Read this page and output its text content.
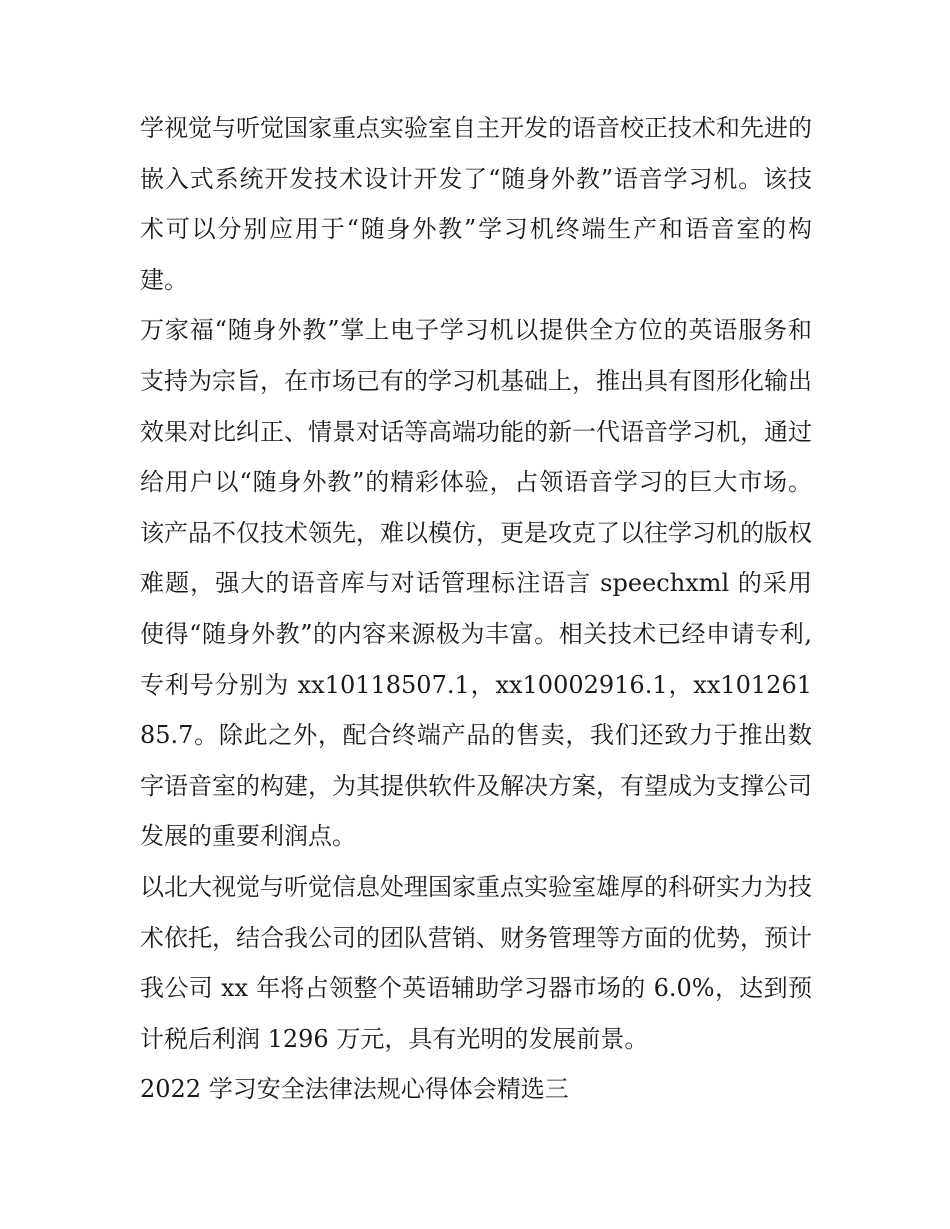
学视觉与听觉国家重点实验室自主开发的语音校正技术和先进的嵌入式系统开发技术设计开发了“随身外教”语音学习机。该技术可以分别应用于“随身外教”学习机终端生产和语音室的构建。

万家福“随身外教”掌上电子学习机以提供全方位的英语服务和支持为宗旨，在市场已有的学习机基础上，推出具有图形化输出效果对比纠正、情景对话等高端功能的新一代语音学习机，通过给用户以“随身外教”的精彩体验，占领语音学习的巨大市场。该产品不仅技术领先，难以模仿，更是攻克了以往学习机的版权难题，强大的语音库与对话管理标注语言 speechxml 的采用使得“随身外教”的内容来源极为丰富。相关技术已经申请专利,专利号分别为 xx10118507.1，xx10002916.1，xx10126185.7。除此之外，配合终端产品的售卖，我们还致力于推出数字语音室的构建，为其提供软件及解决方案，有望成为支撑公司发展的重要利润点。

以北大视觉与听觉信息处理国家重点实验室雄厚的科研实力为技术依托，结合我公司的团队营销、财务管理等方面的优势，预计我公司 xx 年将占领整个英语辅助学习器市场的 6.0%，达到预计税后利润 1296 万元，具有光明的发展前景。

2022 学习安全法律法规心得体会精选三
